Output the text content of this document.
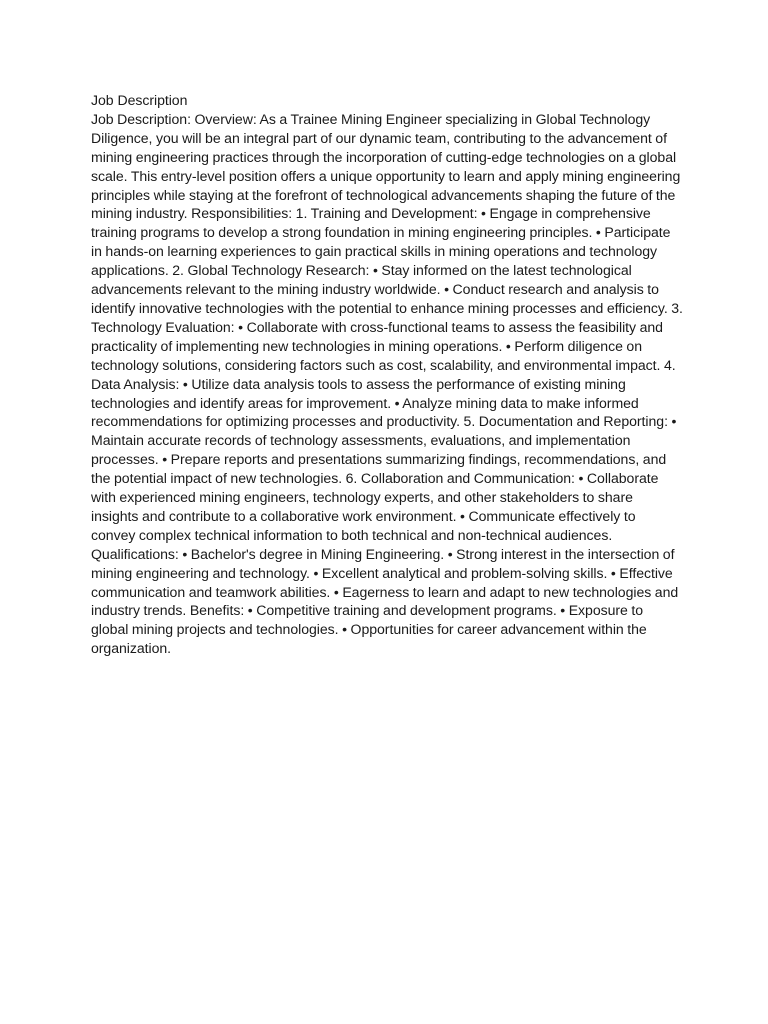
Job Description
Job Description: Overview: As a Trainee Mining Engineer specializing in Global Technology Diligence, you will be an integral part of our dynamic team, contributing to the advancement of mining engineering practices through the incorporation of cutting-edge technologies on a global scale. This entry-level position offers a unique opportunity to learn and apply mining engineering principles while staying at the forefront of technological advancements shaping the future of the mining industry. Responsibilities: 1. Training and Development: • Engage in comprehensive training programs to develop a strong foundation in mining engineering principles. • Participate in hands-on learning experiences to gain practical skills in mining operations and technology applications. 2. Global Technology Research: • Stay informed on the latest technological advancements relevant to the mining industry worldwide. • Conduct research and analysis to identify innovative technologies with the potential to enhance mining processes and efficiency. 3. Technology Evaluation: • Collaborate with cross-functional teams to assess the feasibility and practicality of implementing new technologies in mining operations. • Perform diligence on technology solutions, considering factors such as cost, scalability, and environmental impact. 4. Data Analysis: • Utilize data analysis tools to assess the performance of existing mining technologies and identify areas for improvement. • Analyze mining data to make informed recommendations for optimizing processes and productivity. 5. Documentation and Reporting: • Maintain accurate records of technology assessments, evaluations, and implementation processes. • Prepare reports and presentations summarizing findings, recommendations, and the potential impact of new technologies. 6. Collaboration and Communication: • Collaborate with experienced mining engineers, technology experts, and other stakeholders to share insights and contribute to a collaborative work environment. • Communicate effectively to convey complex technical information to both technical and non-technical audiences. Qualifications: • Bachelor's degree in Mining Engineering. • Strong interest in the intersection of mining engineering and technology. • Excellent analytical and problem-solving skills. • Effective communication and teamwork abilities. • Eagerness to learn and adapt to new technologies and industry trends. Benefits: • Competitive training and development programs. • Exposure to global mining projects and technologies. • Opportunities for career advancement within the organization.
